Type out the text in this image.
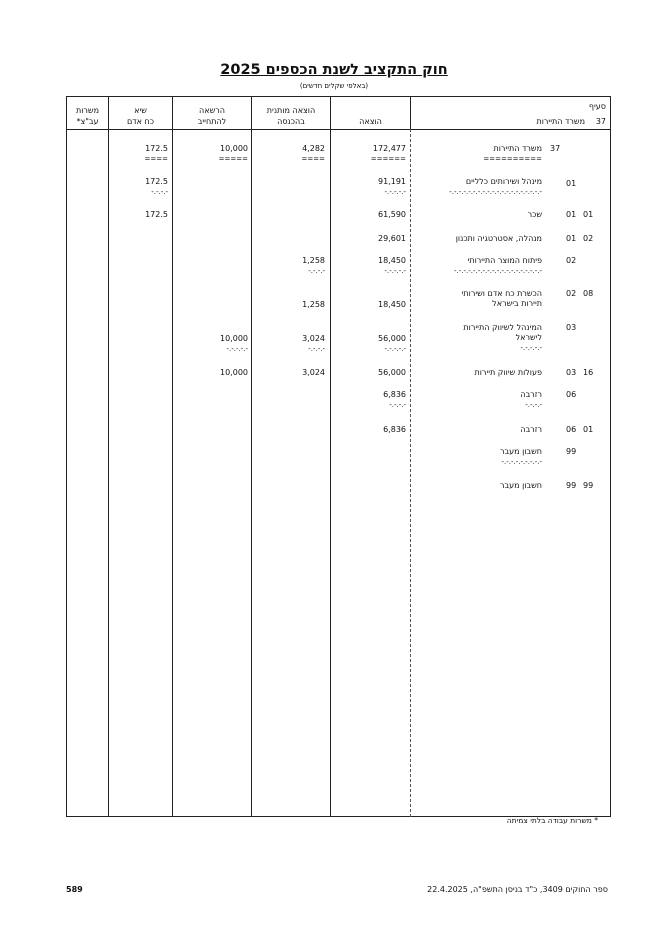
חוק התקציב לשנת הכספים 2025
(באלפי שקלים חדשים)
סעיף
37
משרד התיירות
הוצאה
הוצאה מותנית
בהכנסה
הרשאה
להתחייב
שיא
כח אדם
משרות
עב"צ*
37
משרד התיירות
==========
172,477
======
4,282
====
10,000
=====
172.5
====
01
מינהל ושירותים כלליים
-.-.-.-.-.-.-.-.-.-.-.-.-.-.-.-.-.-.-.-
91,191
-.-.-.-.-
172.5
-.-.-.-
01 01
שכר
61,590
172.5
01 02
מנהלה, אסטרטגיה ותכנון
29,601
02
פיתוח המוצר התיירותי
-.-.-.-.-.-.-.-.-.-.-.-.-.-.-.-.-.-.-
18,450
-.-.-.-.-
1,258
-.-.-.-
02 08
הכשרת כח אדם ושירותי
תיירות בישראל
18,450
1,258
03
המינהל לשיווק התיירות
לישראל
-.-.-.-.-
56,000
-.-.-.-.-
3,024
-.-.-.-
10,000
-.-.-.-.-
03 16
פעולות שיווק תיירות
56,000
3,024
10,000
06
רזרבה
-.-.-.-
6,836
-.-.-.-
06 01
רזרבה
6,836
99
חשבון מעבר
-.-.-.-.-.-.-.-.-
99 99
חשבון מעבר
* משרות עבודה בלתי צמיתה
589	ספר החוקים 3409, כ"ד בניסן התשפ"ה, 22.4.2025
